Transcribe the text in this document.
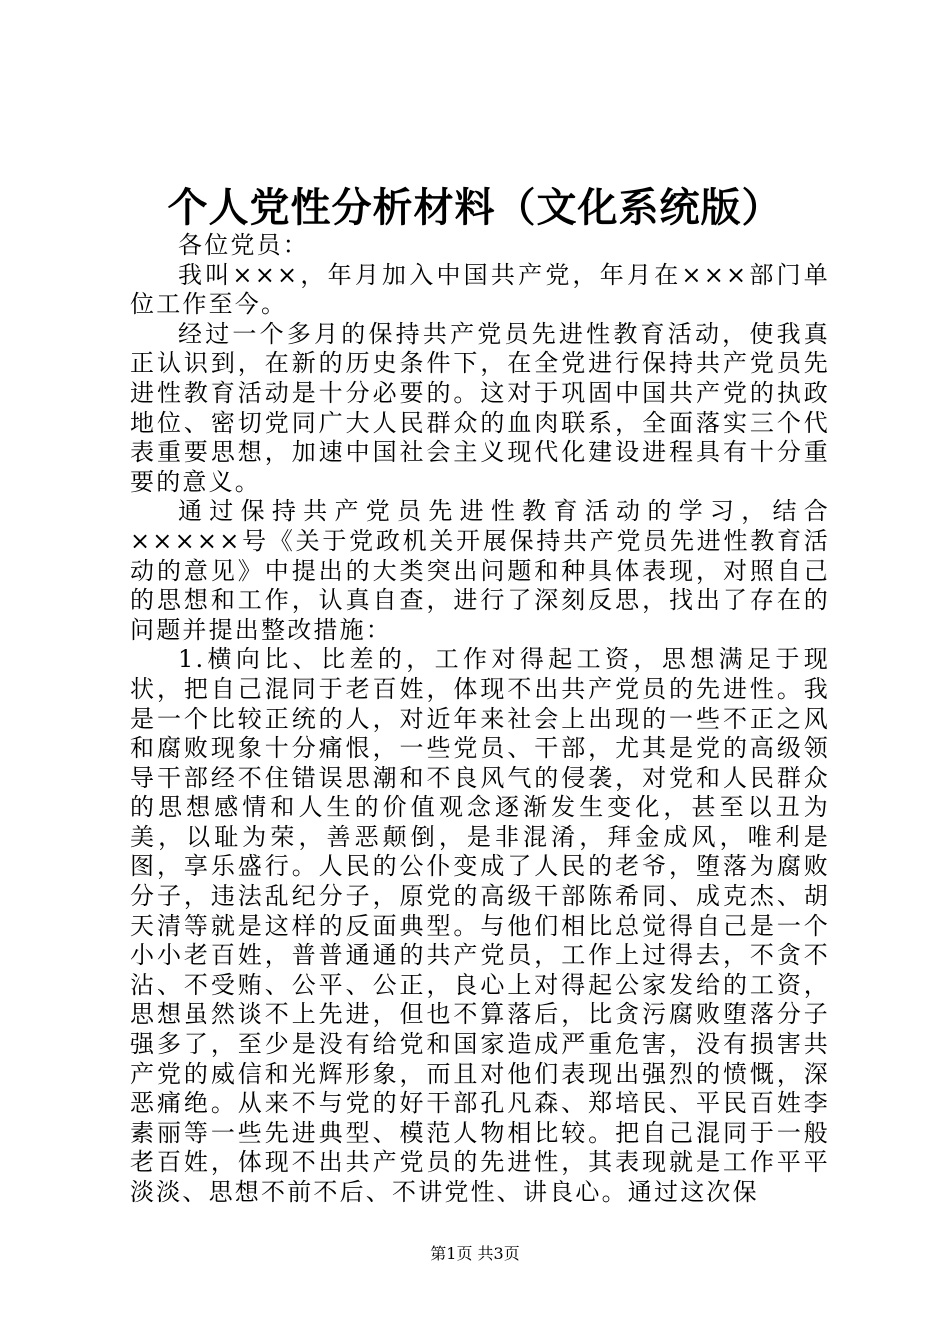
个人党性分析材料（文化系统版）

各位党员：

我叫×××，年月加入中国共产党，年月在×××部门单位工作至今。

经过一个多月的保持共产党员先进性教育活动，使我真正认识到，在新的历史条件下，在全党进行保持共产党员先进性教育活动是十分必要的。这对于巩固中国共产党的执政地位、密切党同广大人民群众的血肉联系，全面落实三个代表重要思想，加速中国社会主义现代化建设进程具有十分重要的意义。

通过保持共产党员先进性教育活动的学习，结合×××××号《关于党政机关开展保持共产党员先进性教育活动的意见》中提出的大类突出问题和种具体表现，对照自己的思想和工作，认真自查，进行了深刻反思，找出了存在的问题并提出整改措施：

1.横向比、比差的，工作对得起工资，思想满足于现状，把自己混同于老百姓，体现不出共产党员的先进性。我是一个比较正统的人，对近年来社会上出现的一些不正之风和腐败现象十分痛恨，一些党员、干部，尤其是党的高级领导干部经不住错误思潮和不良风气的侵袭，对党和人民群众的思想感情和人生的价值观念逐渐发生变化，甚至以丑为美，以耻为荣，善恶颠倒，是非混淆，拜金成风，唯利是图，享乐盛行。人民的公仆变成了人民的老爷，堕落为腐败分子，违法乱纪分子，原党的高级干部陈希同、成克杰、胡天清等就是这样的反面典型。与他们相比总觉得自己是一个小小老百姓，普普通通的共产党员，工作上过得去，不贪不沾、不受贿、公平、公正，良心上对得起公家发给的工资，思想虽然谈不上先进，但也不算落后，比贪污腐败堕落分子强多了，至少是没有给党和国家造成严重危害，没有损害共产党的威信和光辉形象，而且对他们表现出强烈的愤慨，深恶痛绝。从来不与党的好干部孔凡森、郑培民、平民百姓李素丽等一些先进典型、模范人物相比较。把自己混同于一般老百姓，体现不出共产党员的先进性，其表现就是工作平平淡淡、思想不前不后、不讲党性、讲良心。通过这次保

第1页 共3页
